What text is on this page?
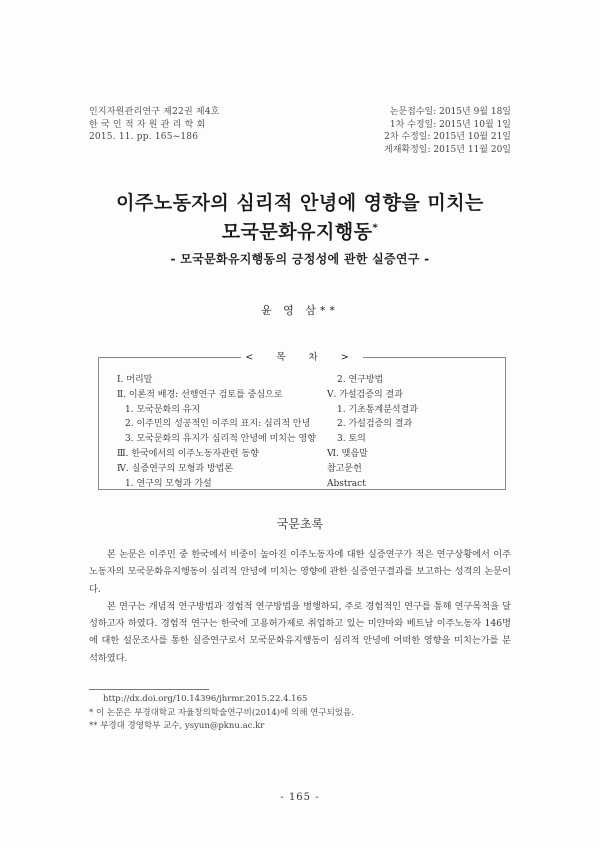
인지자원관리연구 제22권 제4호
한 국 인 적 자 원 관 리 학 회
2015. 11. pp. 165~186
논문접수일: 2015년 9월 18일
1차 수정일: 2015년 10월 1일
2차 수정일: 2015년 10월 21일
게재확정일: 2015년 11월 20일
이주노동자의 심리적 안녕에 영향을 미치는
모국문화유지행동*
- 모국문화유지행동의 긍정성에 관한 실증연구 -
윤 영 삼**
< 목 차 >
Ⅰ. 머리말
Ⅱ. 이론적 배경: 선행연구 검토를 중심으로
1. 모국문화의 유지
2. 이주민의 성공적인 이주의 표지: 심리적 안녕
3. 모국문화의 유지가 심리적 안녕에 미치는 영향
Ⅲ. 한국에서의 이주노동자관련 동향
Ⅳ. 실증연구의 모형과 방법론
1. 연구의 모형과 가설
2. 연구방법
Ⅴ. 가설검증의 결과
1. 기초통계분석결과
2. 가설검증의 결과
3. 토의
Ⅵ. 맺음말
참고문헌
Abstract
국문초록

본 논문은 이주민 중 한국에서 비중이 높아진 이주노동자에 대한 실증연구가 적은 연구상황에서 이주노동자의 모국문화유지행동이 심리적 안녕에 미치는 영향에 관한 실증연구결과를 보고하는 성격의 논문이다.

본 연구는 개념적 연구방법과 경험적 연구방법을 병행하되, 주로 경험적인 연구를 통해 연구목적을 달성하고자 하였다. 경험적 연구는 한국에 고용허가제로 취업하고 있는 미얀마와 베트남 이주노동자 146명에 대한 설문조사를 통한 실증연구로서 모국문화유지행동이 심리적 안녕에 어떠한 영향을 미치는가를 분석하였다.

http://dx.doi.org/10.14396/jhrmr.2015.22.4.165
* 이 논문은 부경대학교 자율창의학술연구비(2014)에 의해 연구되었음.
** 부경대 경영학부 교수, ysyun@pknu.ac.kr
- 165 -
